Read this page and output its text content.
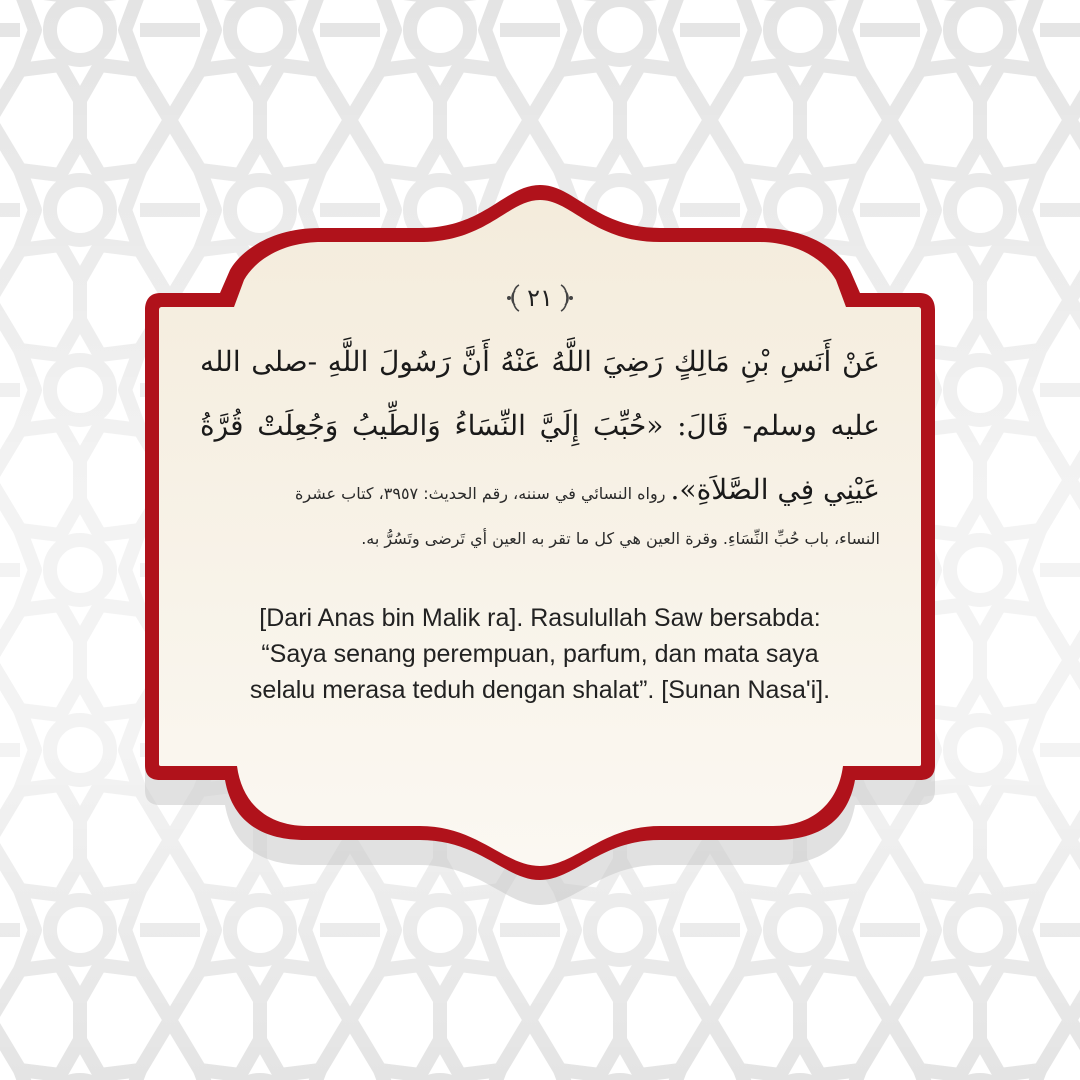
٢١
عَنْ أَنَسِ بْنِ مَالِكٍ رَضِيَ اللَّهُ عَنْهُ أَنَّ رَسُولَ اللَّهِ -صلى الله عليه وسلم- قَالَ: «حُبِّبَ إِلَيَّ النِّسَاءُ وَالطِّيبُ وَجُعِلَتْ قُرَّةُ عَيْنِي فِي الصَّلاَةِ». رواه النسائي في سننه، رقم الحديث: ٣٩٥٧، كتاب عشرة
النساء، باب حُبِّ النِّسَاءِ. وقرة العين هي كل ما تقر به العين أي تَرضى وتَسُرُّ به.
[Dari Anas bin Malik ra]. Rasulullah Saw bersabda:
“Saya senang perempuan, parfum, dan mata saya
selalu merasa teduh dengan shalat”. [Sunan Nasa'i].
